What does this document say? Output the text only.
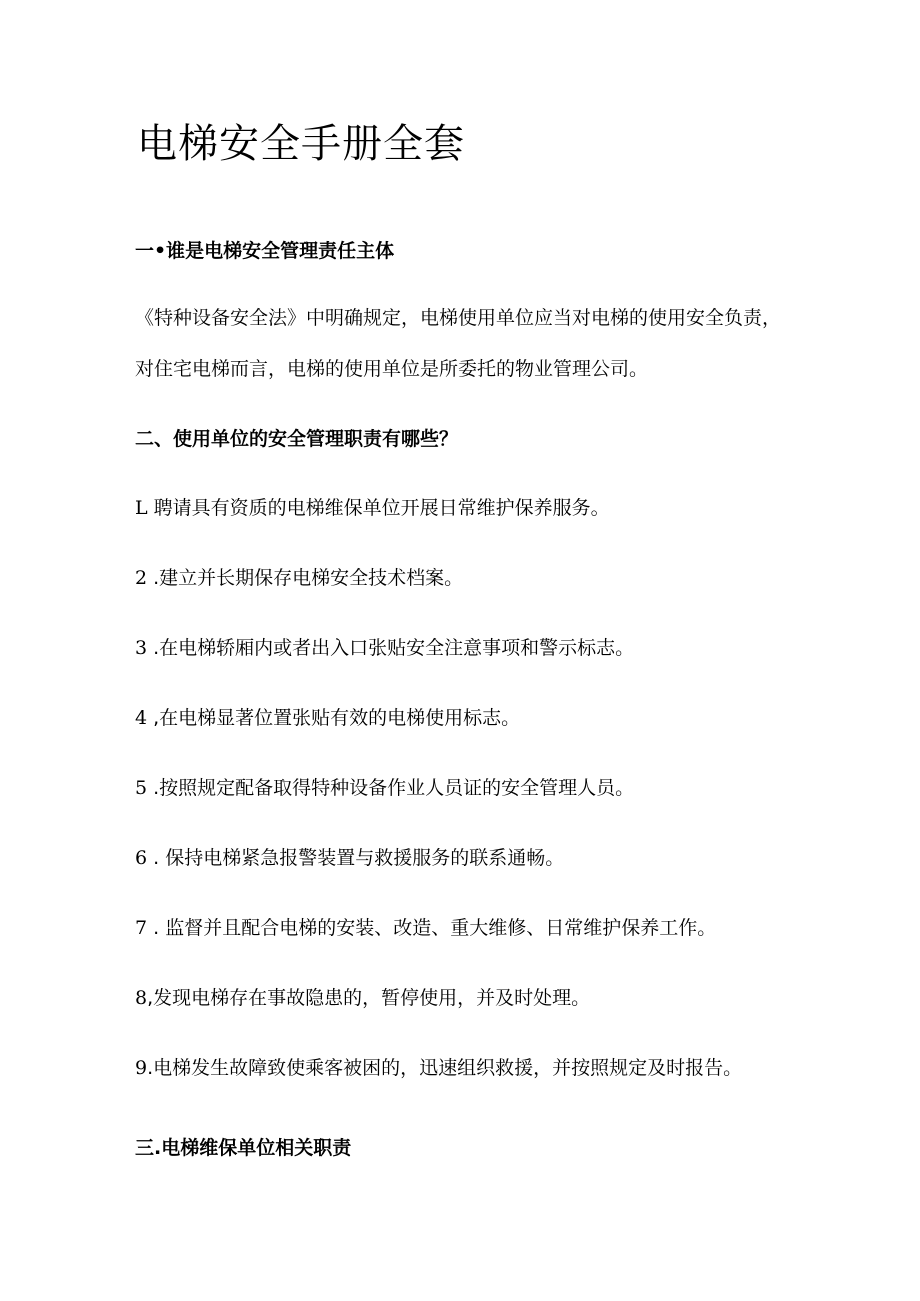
电梯安全手册全套
一•谁是电梯安全管理责任主体

《特种设备安全法》中明确规定，电梯使用单位应当对电梯的使用安全负责，对住宅电梯而言，电梯的使用单位是所委托的物业管理公司。

二、使用单位的安全管理职责有哪些？

L 聘请具有资质的电梯维保单位开展日常维护保养服务。

2 .建立并长期保存电梯安全技术档案。

3 .在电梯轿厢内或者出入口张贴安全注意事项和警示标志。

4 ,在电梯显著位置张贴有效的电梯使用标志。

5 .按照规定配备取得特种设备作业人员证的安全管理人员。

6 . 保持电梯紧急报警装置与救援服务的联系通畅。

7 . 监督并且配合电梯的安装、改造、重大维修、日常维护保养工作。

8,发现电梯存在事故隐患的，暂停使用，并及时处理。

9.电梯发生故障致使乘客被困的，迅速组织救援，并按照规定及时报告。

三.电梯维保单位相关职责
